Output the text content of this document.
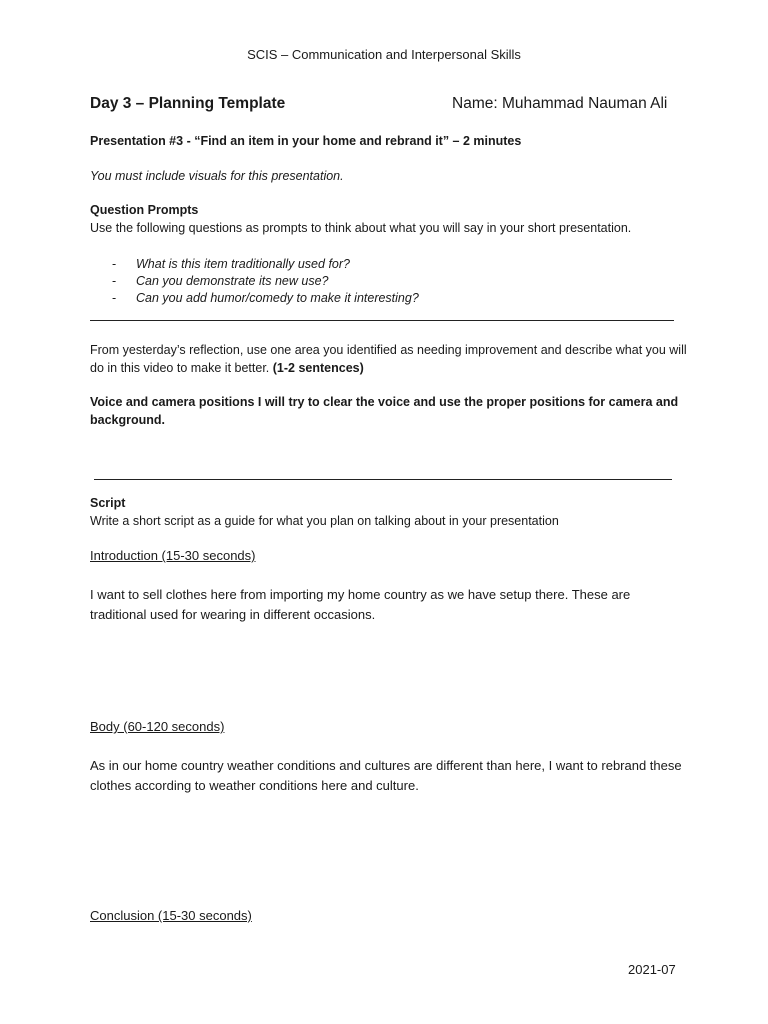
SCIS – Communication and Interpersonal Skills
Day 3 – Planning Template	Name: Muhammad Nauman Ali
Presentation #3 - “Find an item in your home and rebrand it” – 2 minutes
You must include visuals for this presentation.
Question Prompts
Use the following questions as prompts to think about what you will say in your short presentation.
- What is this item traditionally used for?
- Can you demonstrate its new use?
- Can you add humor/comedy to make it interesting?
From yesterday’s reflection, use one area you identified as needing improvement and describe what you will do in this video to make it better. (1-2 sentences)
Voice and camera positions I will try to clear the voice and use the proper positions for camera and background.
Script
Write a short script as a guide for what you plan on talking about in your presentation
Introduction (15-30 seconds)
I want to sell clothes here from importing my home country as we have setup there. These are traditional used for wearing in different occasions.
Body (60-120 seconds)
As in our home country weather conditions and cultures are different than here, I want to rebrand these clothes according to weather conditions here and culture.
Conclusion (15-30 seconds)
2021-07
